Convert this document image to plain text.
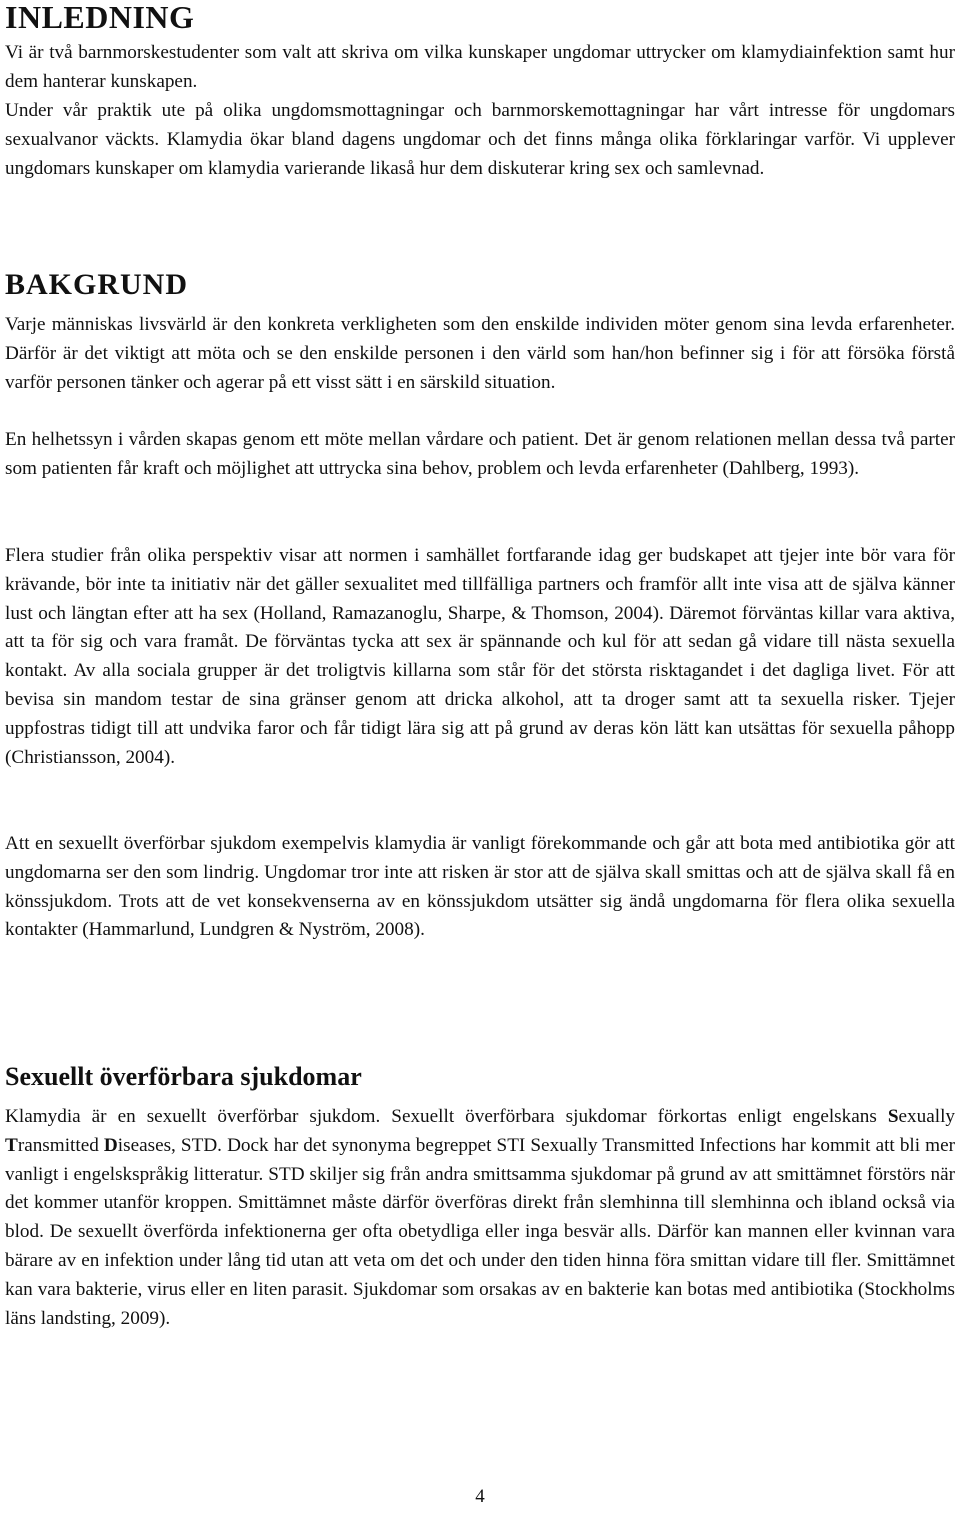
INLEDNING

Vi är två barnmorskestudenter som valt att skriva om vilka kunskaper ungdomar uttrycker om klamydiainfektion samt hur dem hanterar kunskapen.

Under vår praktik ute på olika ungdomsmottagningar och barnmorskemottagningar har vårt intresse för ungdomars sexualvanor väckts. Klamydia ökar bland dagens ungdomar och det finns många olika förklaringar varför. Vi upplever ungdomars kunskaper om klamydia varierande likaså hur dem diskuterar kring sex och samlevnad.

BAKGRUND

Varje människas livsvärld är den konkreta verkligheten som den enskilde individen möter genom sina levda erfarenheter. Därför är det viktigt att möta och se den enskilde personen i den värld som han/hon befinner sig i för att försöka förstå varför personen tänker och agerar på ett visst sätt i en särskild situation.

En helhetssyn i vården skapas genom ett möte mellan vårdare och patient. Det är genom relationen mellan dessa två parter som patienten får kraft och möjlighet att uttrycka sina behov, problem och levda erfarenheter (Dahlberg, 1993).

Flera studier från olika perspektiv visar att normen i samhället fortfarande idag ger budskapet att tjejer inte bör vara för krävande, bör inte ta initiativ när det gäller sexualitet med tillfälliga partners och framför allt inte visa att de själva känner lust och längtan efter att ha sex (Holland, Ramazanoglu, Sharpe, & Thomson, 2004). Däremot förväntas killar vara aktiva, att ta för sig och vara framåt. De förväntas tycka att sex är spännande och kul för att sedan gå vidare till nästa sexuella kontakt. Av alla sociala grupper är det troligtvis killarna som står för det största risktagandet i det dagliga livet. För att bevisa sin mandom testar de sina gränser genom att dricka alkohol, att ta droger samt att ta sexuella risker. Tjejer uppfostras tidigt till att undvika faror och får tidigt lära sig att på grund av deras kön lätt kan utsättas för sexuella påhopp (Christiansson, 2004).

Att en sexuellt överförbar sjukdom exempelvis klamydia är vanligt förekommande och går att bota med antibiotika gör att ungdomarna ser den som lindrig. Ungdomar tror inte att risken är stor att de själva skall smittas och att de själva skall få en könssjukdom. Trots att de vet konsekvenserna av en könssjukdom utsätter sig ändå ungdomarna för flera olika sexuella kontakter (Hammarlund, Lundgren & Nyström, 2008).

Sexuellt överförbara sjukdomar

Klamydia är en sexuellt överförbar sjukdom. Sexuellt överförbara sjukdomar förkortas enligt engelskans Sexually Transmitted Diseases, STD. Dock har det synonyma begreppet STI Sexually Transmitted Infections har kommit att bli mer vanligt i engelskspråkig litteratur. STD skiljer sig från andra smittsamma sjukdomar på grund av att smittämnet förstörs när det kommer utanför kroppen. Smittämnet måste därför överföras direkt från slemhinna till slemhinna och ibland också via blod. De sexuellt överförda infektionerna ger ofta obetydliga eller inga besvär alls. Därför kan mannen eller kvinnan vara bärare av en infektion under lång tid utan att veta om det och under den tiden hinna föra smittan vidare till fler. Smittämnet kan vara bakterie, virus eller en liten parasit. Sjukdomar som orsakas av en bakterie kan botas med antibiotika (Stockholms läns landsting, 2009).

4
